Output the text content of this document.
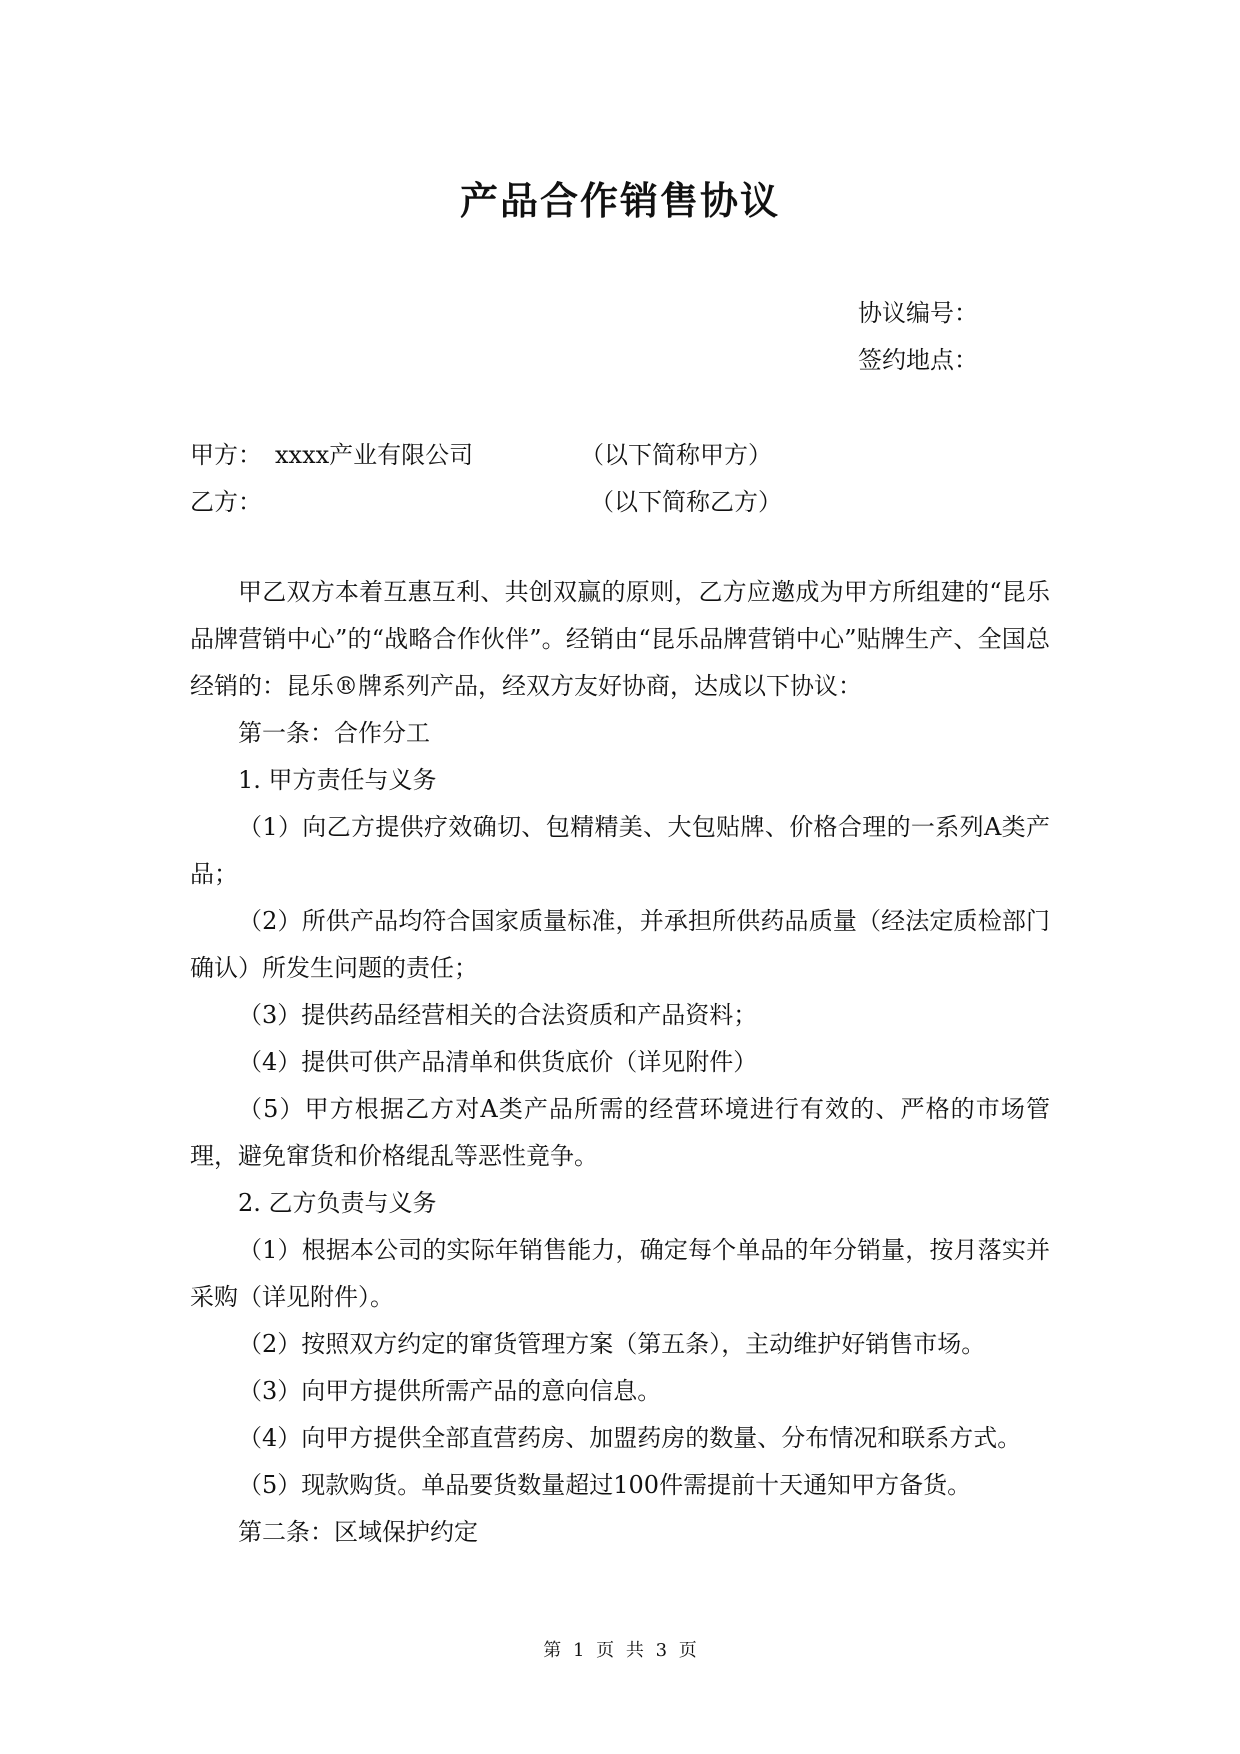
产品合作销售协议
协议编号：
签约地点：
甲方： xxxx产业有限公司	（以下简称甲方）
乙方：	（以下简称乙方）

甲乙双方本着互惠互利、共创双赢的原则，乙方应邀成为甲方所组建的“昆乐品牌营销中心”的“战略合作伙伴”。经销由“昆乐品牌营销中心”贴牌生产、全国总经销的：昆乐®牌系列产品，经双方友好协商，达成以下协议：

第一条：合作分工

1. 甲方责任与义务

（1）向乙方提供疗效确切、包精精美、大包贴牌、价格合理的一系列A类产品；

（2）所供产品均符合国家质量标准，并承担所供药品质量（经法定质检部门确认）所发生问题的责任；

（3）提供药品经营相关的合法资质和产品资料；

（4）提供可供产品清单和供货底价（详见附件）

（5）甲方根据乙方对A类产品所需的经营环境进行有效的、严格的市场管理，避免窜货和价格绲乱等恶性竟争。

2. 乙方负责与义务

（1）根据本公司的实际年销售能力，确定每个单品的年分销量，按月落实并采购（详见附件）。

（2）按照双方约定的窜货管理方案（第五条），主动维护好销售市场。

（3）向甲方提供所需产品的意向信息。

（4）向甲方提供全部直营药房、加盟药房的数量、分布情况和联系方式。

（5）现款购货。单品要货数量超过100件需提前十天通知甲方备货。

第二条：区域保护约定

第 1 页 共 3 页
